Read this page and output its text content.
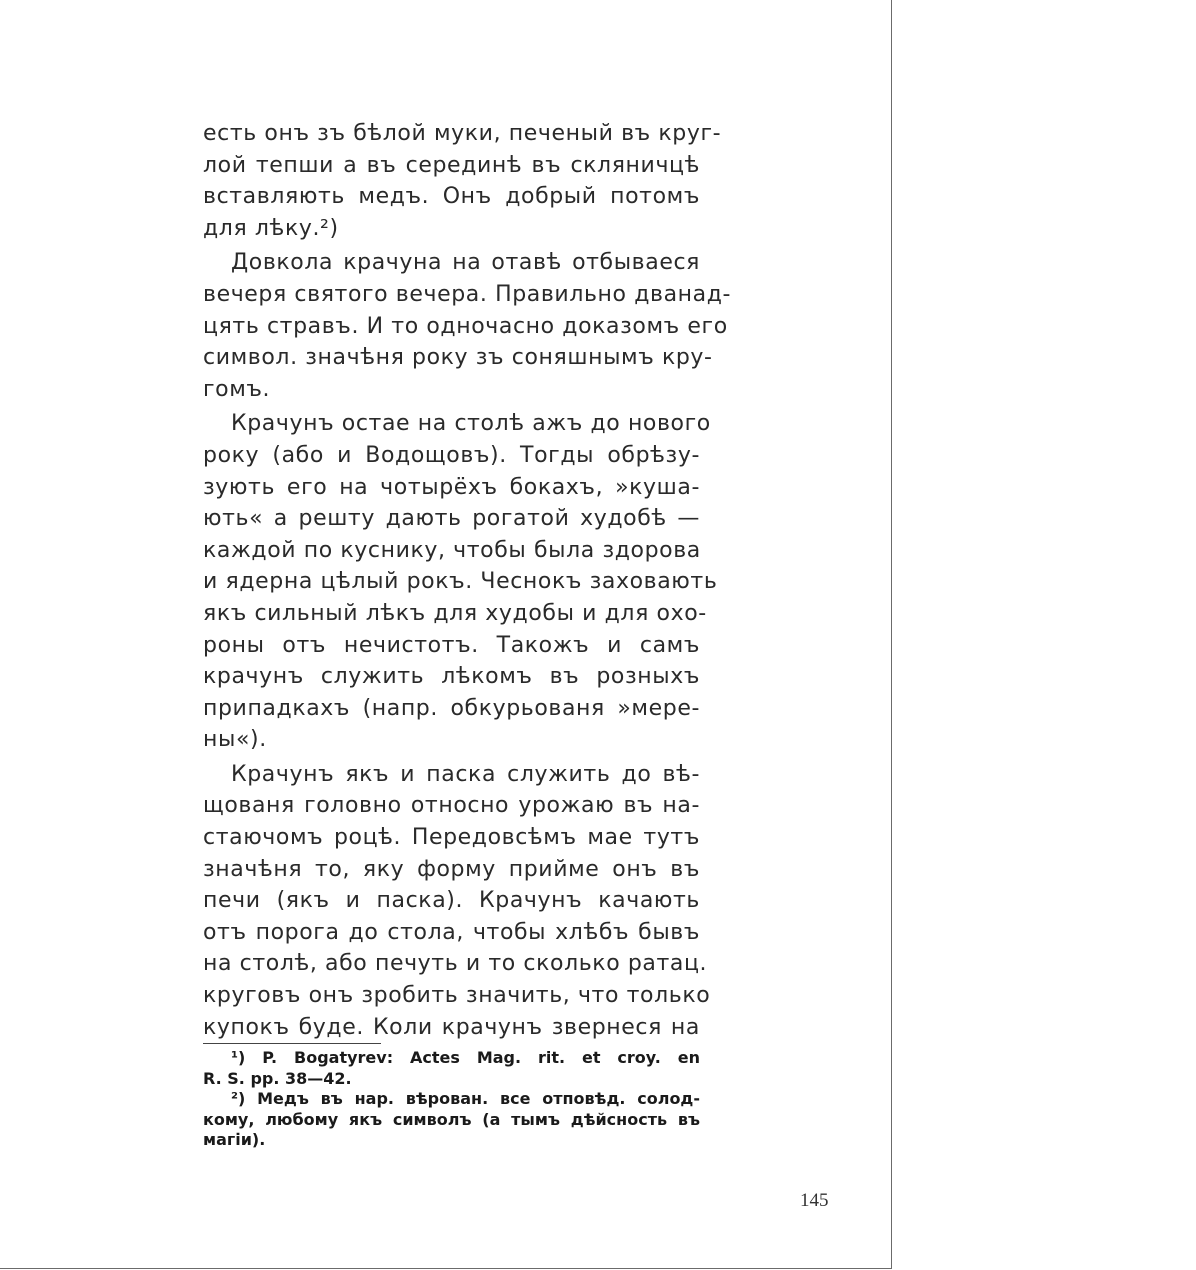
есть онъ зъ бѣлой муки, печеный въ круг-
лой тепши а въ серединѣ въ скляничцѣ
вставляють медъ. Онъ добрый потомъ
для лѣку.²)
Довкола крачуна на отавѣ отбываеся
вечеря святого вечера. Правильно дванад-
цять стравъ. И то одночасно доказомъ его
символ. значѣня року зъ соняшнымъ кру-
гомъ.
Крачунъ остае на столѣ ажъ до нового
року (або и Водощовъ). Тогды обрѣзу-
зують его на чотырёхъ бокахъ, »кушa-
ють« а решту дають рогатой худобѣ —
каждой по куснику, чтобы была здорова
и ядерна цѣлый рокъ. Чеснокъ заховають
якъ сильный лѣкъ для худобы и для охо-
роны отъ нечистотъ. Такожъ и самъ
крачунъ служить лѣкомъ въ розныхъ
припадкахъ (напр. обкурьованя »мере-
ны«).
Крачунъ якъ и паска служить до вѣ-
щованя головно относно урожаю въ на-
стаючомъ роцѣ. Передовсѣмъ мае тутъ
значѣня то, яку форму прийме онъ въ
печи (якъ и паска). Крачунъ качають
отъ порога до стола, чтобы хлѣбъ бывъ
на столѣ, або печуть и то сколько ратац.
круговъ онъ зробить значить, что только
купокъ буде. Коли крачунъ звернеся на
¹) P. Bogatyrev: Actes Mag. rit. et croy. en
R. S. pp. 38—42.
²) Медъ въ нар. вѣрован. все отповѣд. солод-
кому, любому якъ символъ (а тымъ дѣйсность въ
магіи).
145
